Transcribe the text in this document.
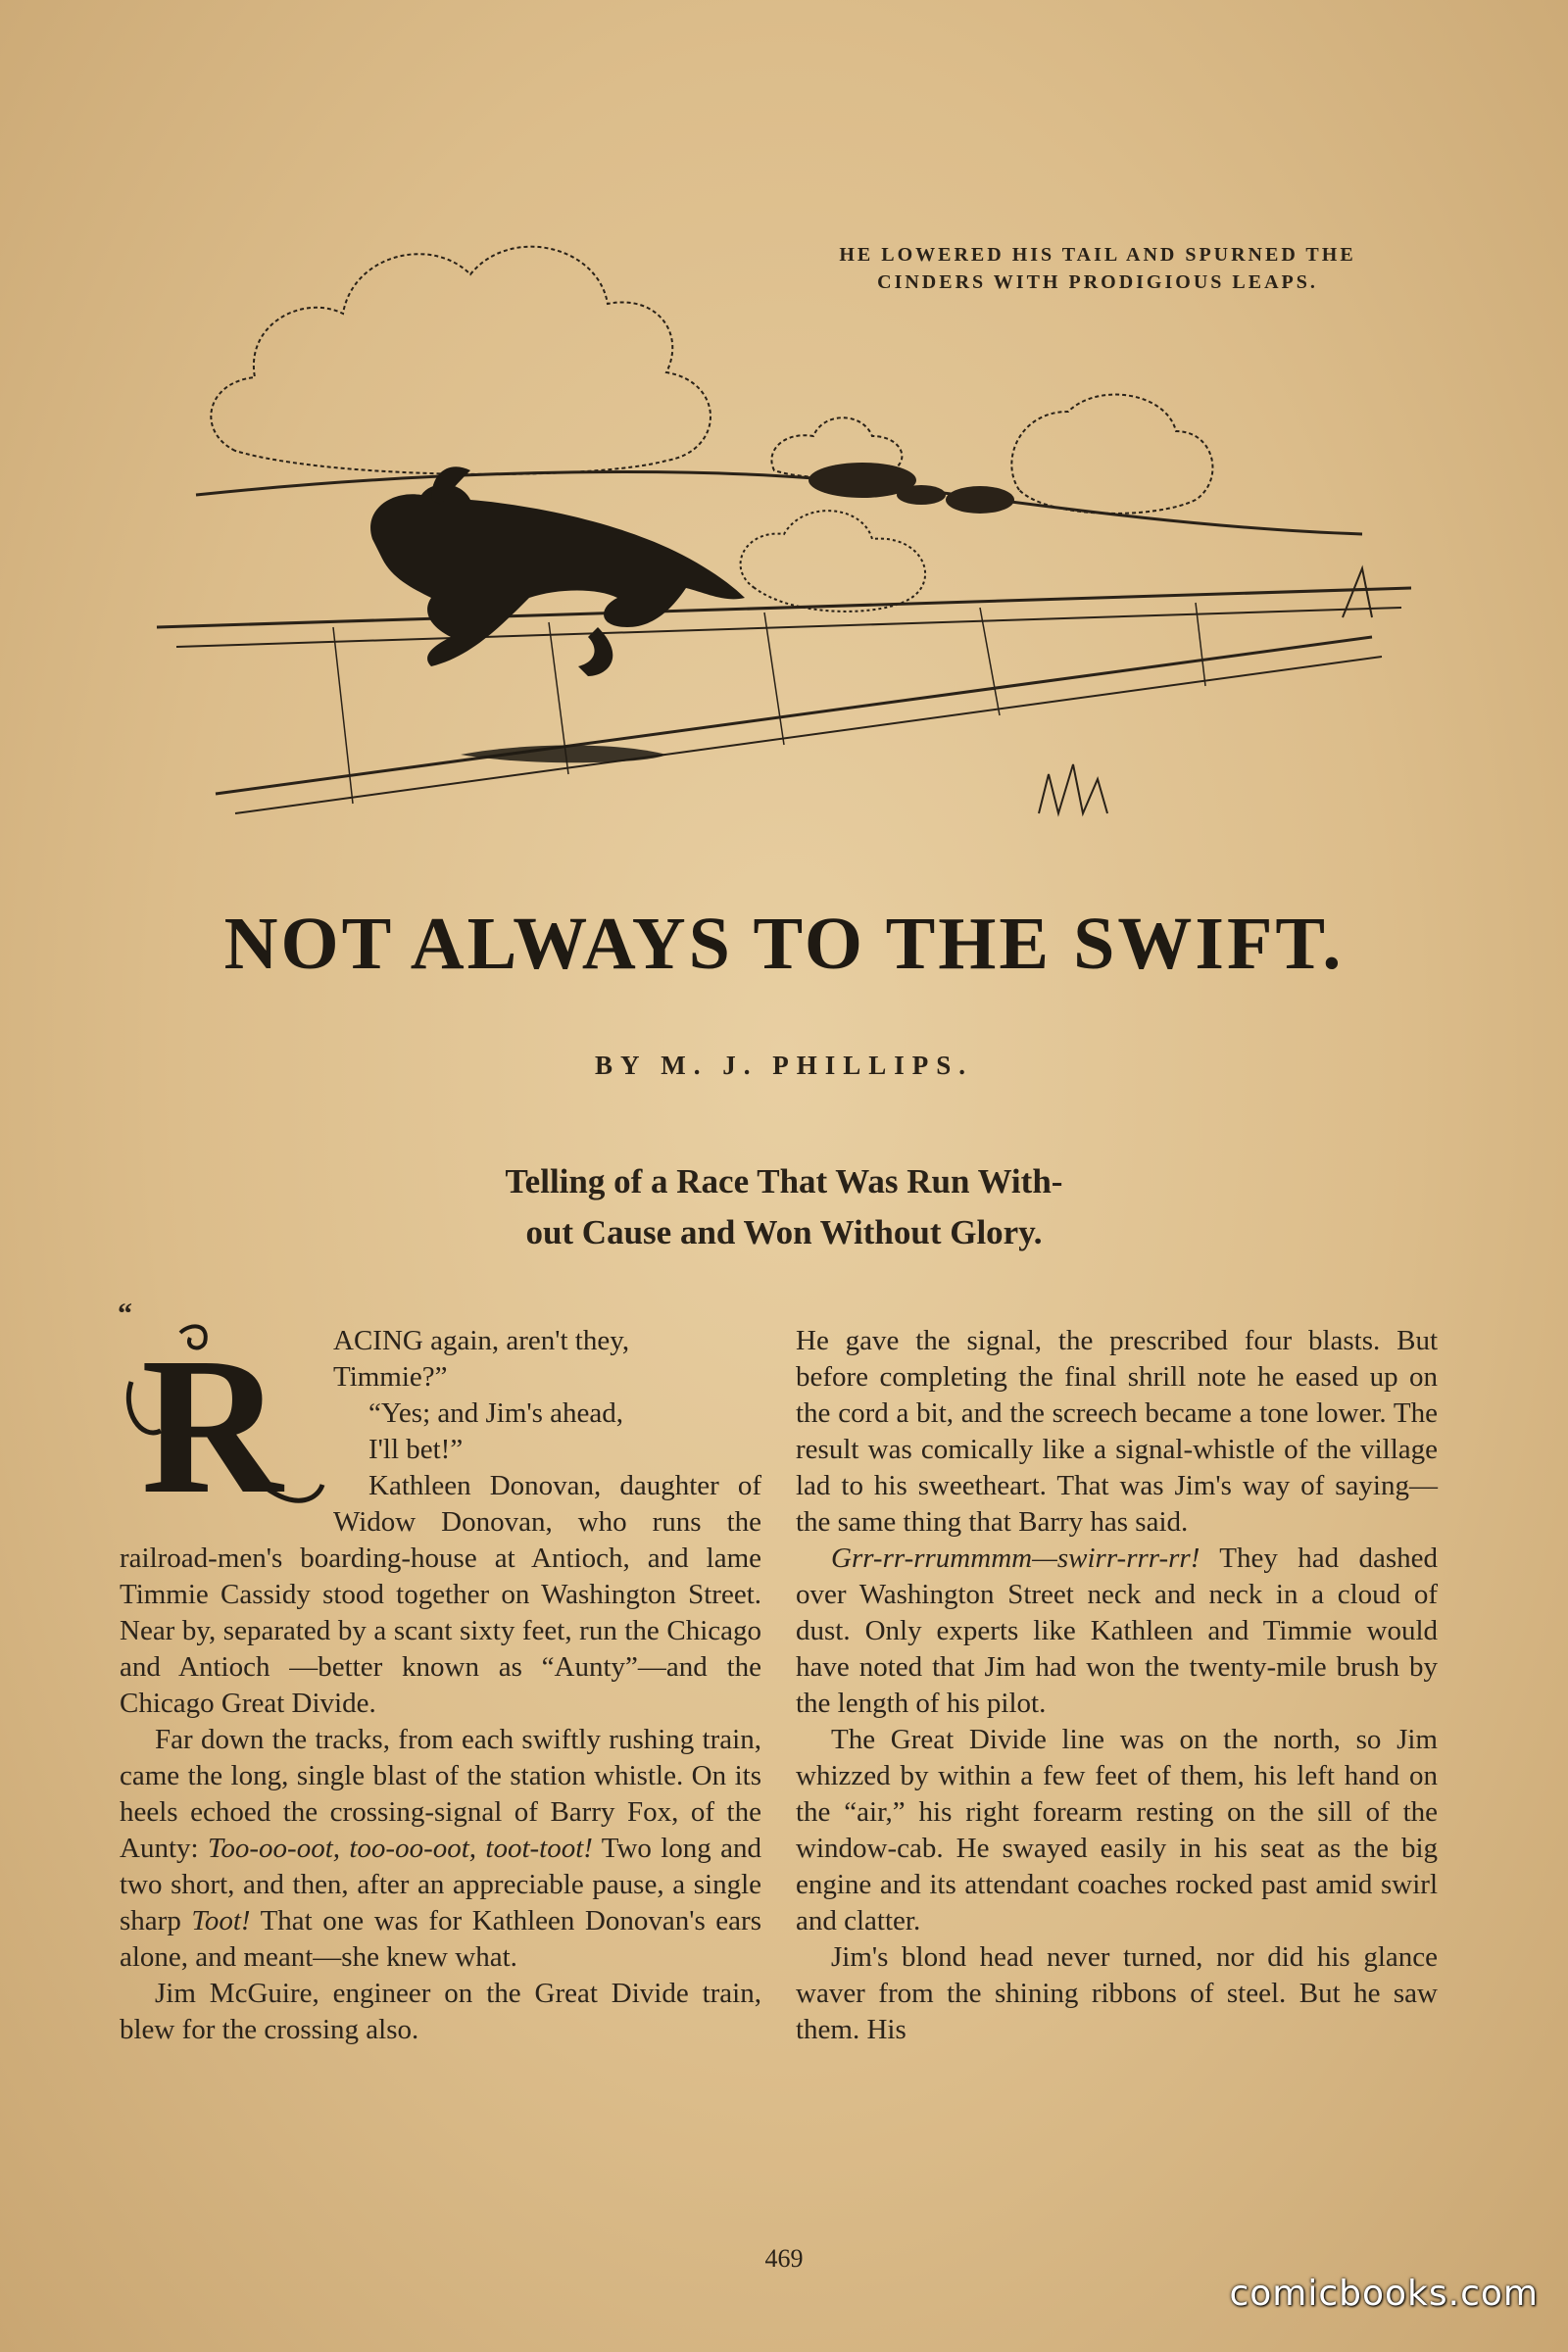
HE LOWERED HIS TAIL AND SPURNED THE
CINDERS WITH PRODIGIOUS LEAPS.
NOT ALWAYS TO THE SWIFT.
BY M. J. PHILLIPS.
Telling of a Race That Was Run With-
out Cause and Won Without Glory.
“
R	ACING again, aren't they,
Timmie?”

“Yes; and Jim's ahead,
I'll bet!”

Kathleen Donovan, daughter of Widow Donovan, who runs the railroad-men's boarding-house at Antioch, and lame Timmie Cassidy stood together on Washington Street. Near by, separated by a scant sixty feet, run the Chicago and Antioch —better known as “Aunty”—and the Chicago Great Divide.

Far down the tracks, from each swiftly rushing train, came the long, single blast of the station whistle. On its heels echoed the crossing-signal of Barry Fox, of the Aunty: Too-oo-oot, too-oo-oot, toot-toot! Two long and two short, and then, after an appreciable pause, a single sharp Toot! That one was for Kathleen Donovan's ears alone, and meant—she knew what.

Jim McGuire, engineer on the Great Divide train, blew for the crossing also.

He gave the signal, the prescribed four blasts. But before completing the final shrill note he eased up on the cord a bit, and the screech became a tone lower. The result was comically like a signal-whistle of the village lad to his sweetheart. That was Jim's way of saying— the same thing that Barry has said.

Grr-rr-rrummmm—swirr-rrr-rr! They had dashed over Washington Street neck and neck in a cloud of dust. Only experts like Kathleen and Timmie would have noted that Jim had won the twenty-mile brush by the length of his pilot.

The Great Divide line was on the north, so Jim whizzed by within a few feet of them, his left hand on the “air,” his right forearm resting on the sill of the window-cab. He swayed easily in his seat as the big engine and its attendant coaches rocked past amid swirl and clatter.

Jim's blond head never turned, nor did his glance waver from the shining ribbons of steel. But he saw them. His

469
comicbooks.com
